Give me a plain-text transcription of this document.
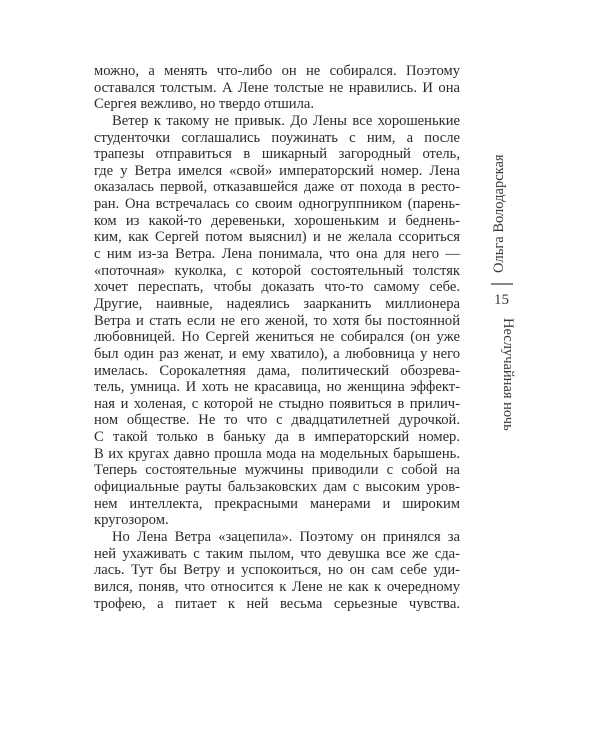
можно, а менять что-либо он не собирался. Поэтому
оставался толстым. А Лене толстые не нравились. И она
Сергея вежливо, но твердо отшила.
Ветер к такому не привык. До Лены все хорошенькие
студенточки соглашались поужинать с ним, а после
трапезы отправиться в шикарный загородный отель,
где у Ветра имелся «свой» императорский номер. Лена
оказалась первой, отказавшейся даже от похода в ресто-
ран. Она встречалась со своим одногруппником (парень-
ком из какой-то деревеньки, хорошеньким и беднень-
ким, как Сергей потом выяснил) и не желала ссориться
с ним из-за Ветра. Лена понимала, что она для него —
«поточная» куколка, с которой состоятельный толстяк
хочет переспать, чтобы доказать что-то самому себе.
Другие, наивные, надеялись заарканить миллионера
Ветра и стать если не его женой, то хотя бы постоянной
любовницей. Но Сергей жениться не собирался (он уже
был один раз женат, и ему хватило), а любовница у него
имелась. Сорокалетняя дама, политический обозрева-
тель, умница. И хоть не красавица, но женщина эффект-
ная и холеная, с которой не стыдно появиться в прилич-
ном обществе. Не то что с двадцатилетней дурочкой.
С такой только в баньку да в императорский номер.
В их кругах давно прошла мода на модельных барышень.
Теперь состоятельные мужчины приводили с собой на
официальные рауты бальзаковских дам с высоким уров-
нем интеллекта, прекрасными манерами и широким
кругозором.
Но Лена Ветра «зацепила». Поэтому он принялся за
ней ухаживать с таким пылом, что девушка все же сда-
лась. Тут бы Ветру и успокоиться, но он сам себе уди-
вился, поняв, что относится к Лене не как к очередному
трофею, а питает к ней весьма серьезные чувства.
Ольга Володарская
15
Неслучайная ночь
